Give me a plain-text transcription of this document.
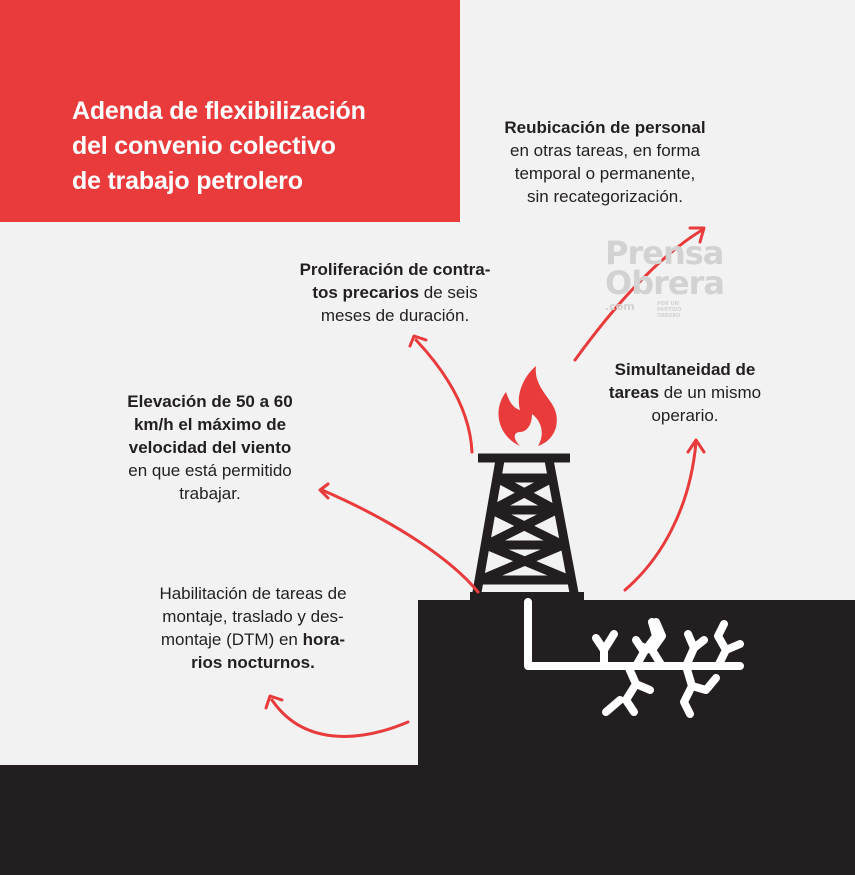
Adenda de flexibilización
del convenio colectivo
de trabajo petrolero
Prensa
Obrera
.com	POR UN PARTIDO OBRERO
Reubicación de personal
en otras tareas, en forma
temporal o permanente,
sin recategorización.
Proliferación de contra-
tos precarios de seis
meses de duración.
Simultaneidad de
tareas de un mismo
operario.
Elevación de 50 a 60
km/h el máximo de
velocidad del viento
en que está permitido
trabajar.
Habilitación de tareas de
montaje, traslado y des-
montaje (DTM) en hora-
rios nocturnos.
